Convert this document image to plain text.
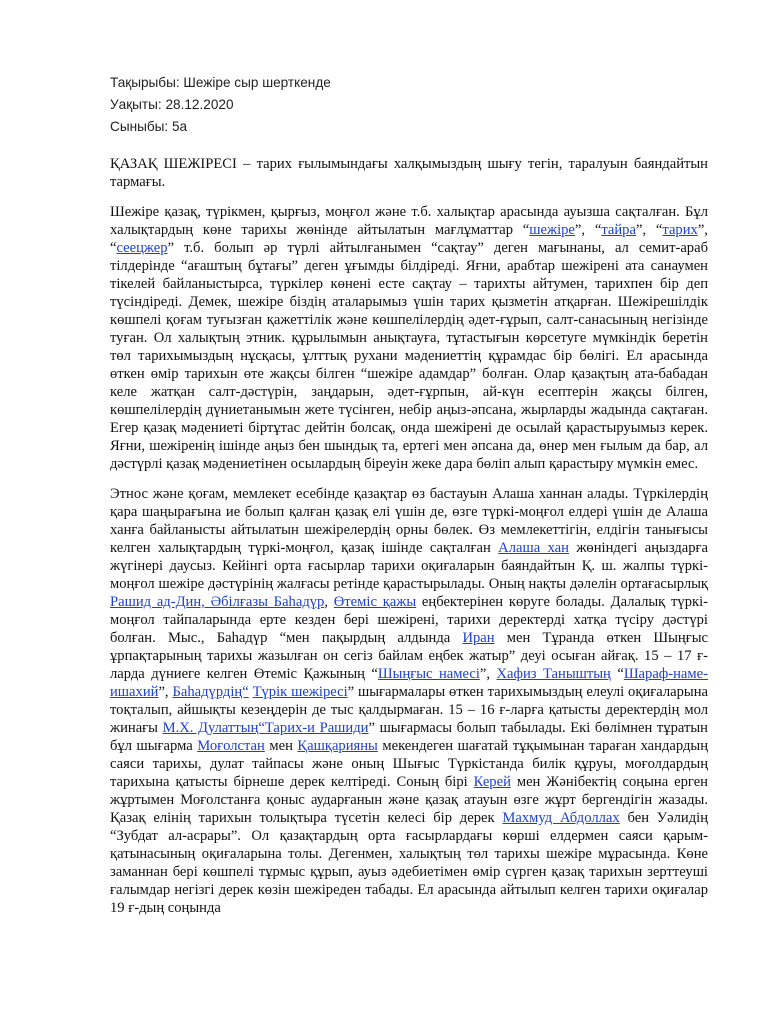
Тақырыбы: Шежіре сыр шерткенде

Уақыты: 28.12.2020

Сыныбы: 5а

ҚАЗАҚ ШЕЖІРЕСІ – тарих ғылымындағы халқымыздың шығу тегін, таралуын баяндайтын тармағы.

Шежіре қазақ, түрікмен, қырғыз, моңғол және т.б. халықтар арасында ауызша сақталған. Бұл халықтардың көне тарихы жөнінде айтылатын мағлұматтар “шежіре”, “тайра”, “тарих”, “сеецжер” т.б. болып әр түрлі айтылғанымен “сақтау” деген мағынаны, ал семит-араб тілдерінде “ағаштың бұтағы” деген ұғымды білдіреді. Яғни, арабтар шежірені ата санаумен тікелей байланыстырса, түркілер көнені есте сақтау – тарихты айтумен, тарихпен бір деп түсіндіреді. Демек, шежіре біздің аталарымыз үшін тарих қызметін атқарған. Шежірешілдік көшпелі қоғам туғызған қажеттілік және көшпелілердің әдет-ғұрып, салт-санасының негізінде туған. Ол халықтың этник. құрылымын анықтауға, тұтастығын көрсетуге мүмкіндік беретін төл тарихымыздың нұсқасы, ұлттық рухани мәдениеттің құрамдас бір бөлігі. Ел арасында өткен өмір тарихын өте жақсы білген “шежіре адамдар” болған. Олар қазақтың ата-бабадан келе жатқан салт-дәстүрін, заңдарын, әдет-ғұрпын, ай-күн есептерін жақсы білген, көшпелілердің дүниетанымын жете түсінген, небір аңыз-әпсана, жырларды жадында сақтаған. Егер қазақ мәдениеті біртұтас дейтін болсақ, онда шежірені де осылай қарастыруымыз керек. Яғни, шежіренің ішінде аңыз бен шындық та, ертегі мен әпсана да, өнер мен ғылым да бар, ал дәстүрлі қазақ мәдениетінен осылардың біреуін жеке дара бөліп алып қарастыру мүмкін емес.

Этнос және қоғам, мемлекет есебінде қазақтар өз бастауын Алаша ханнан алады. Түркілердің қара шаңырағына ие болып қалған қазақ елі үшін де, өзге түркі-моңғол елдері үшін де Алаша ханға байланысты айтылатын шежірелердің орны бөлек. Өз мемлекеттігін, елдігін танығысы келген халықтардың түркі-моңғол, қазақ ішінде сақталған Алаша хан жөніндегі аңыздарға жүгінері даусыз. Кейінгі орта ғасырлар тарихи оқиғаларын баяндайтын Қ. ш. жалпы түркі-моңғол шежіре дәстүрінің жалғасы ретінде қарастырылады. Оның нақты дәлелін ортағасырлық Рашид ад-Дин, Әбілғазы Баһадүр, Өтеміс қажы еңбектерінен көруге болады. Далалық түркі-моңғол тайпаларында ерте кезден бері шежірені, тарихи деректерді хатқа түсіру дәстүрі болған. Мыс., Баһадүр “мен пақырдың алдында Иран мен Тұранда өткен Шыңғыс ұрпақтарының тарихы жазылған он сегіз байлам еңбек жатыр” деуі осыған айғақ. 15 – 17 ғ-ларда дүниеге келген Өтеміс Қажының “Шыңғыс намесі”, Хафиз Таныштың “Шараф-наме-ишахий”, Баһадүрдің“ Түрік шежіресі” шығармалары өткен тарихымыздың елеулі оқиғаларына тоқталып, айшықты кезеңдерін де тыс қалдырмаған. 15 – 16 ғ-ларға қатысты деректердің мол жинағы М.Х. Дулаттың“Тарих-и Рашиди” шығармасы болып табылады. Екі бөлімнен тұратын бұл шығарма Моғолстан мен Қашқарияны мекендеген шағатай тұқымынан тараған хандардың саяси тарихы, дулат тайпасы және оның Шығыс Түркістанда билік құруы, моғолдардың тарихына қатысты бірнеше дерек келтіреді. Соның бірі Керей мен Жәнібектің соңына ерген жұртымен Моғолстанға қоныс аударғанын және қазақ атауын өзге жұрт бергендігін жазады. Қазақ елінің тарихын толықтыра түсетін келесі бір дерек Махмуд Абдоллах бен Уәлидің “Зубдат ал-асрары”. Ол қазақтардың орта ғасырлардағы көрші елдермен саяси қарым-қатынасының оқиғаларына толы. Дегенмен, халықтың төл тарихы шежіре мұрасында. Көне заманнан бері көшпелі тұрмыс құрып, ауыз әдебиетімен өмір сүрген қазақ тарихын зерттеуші ғалымдар негізгі дерек көзін шежіреден табады. Ел арасында айтылып келген тарихи оқиғалар 19 ғ-дың соңында
